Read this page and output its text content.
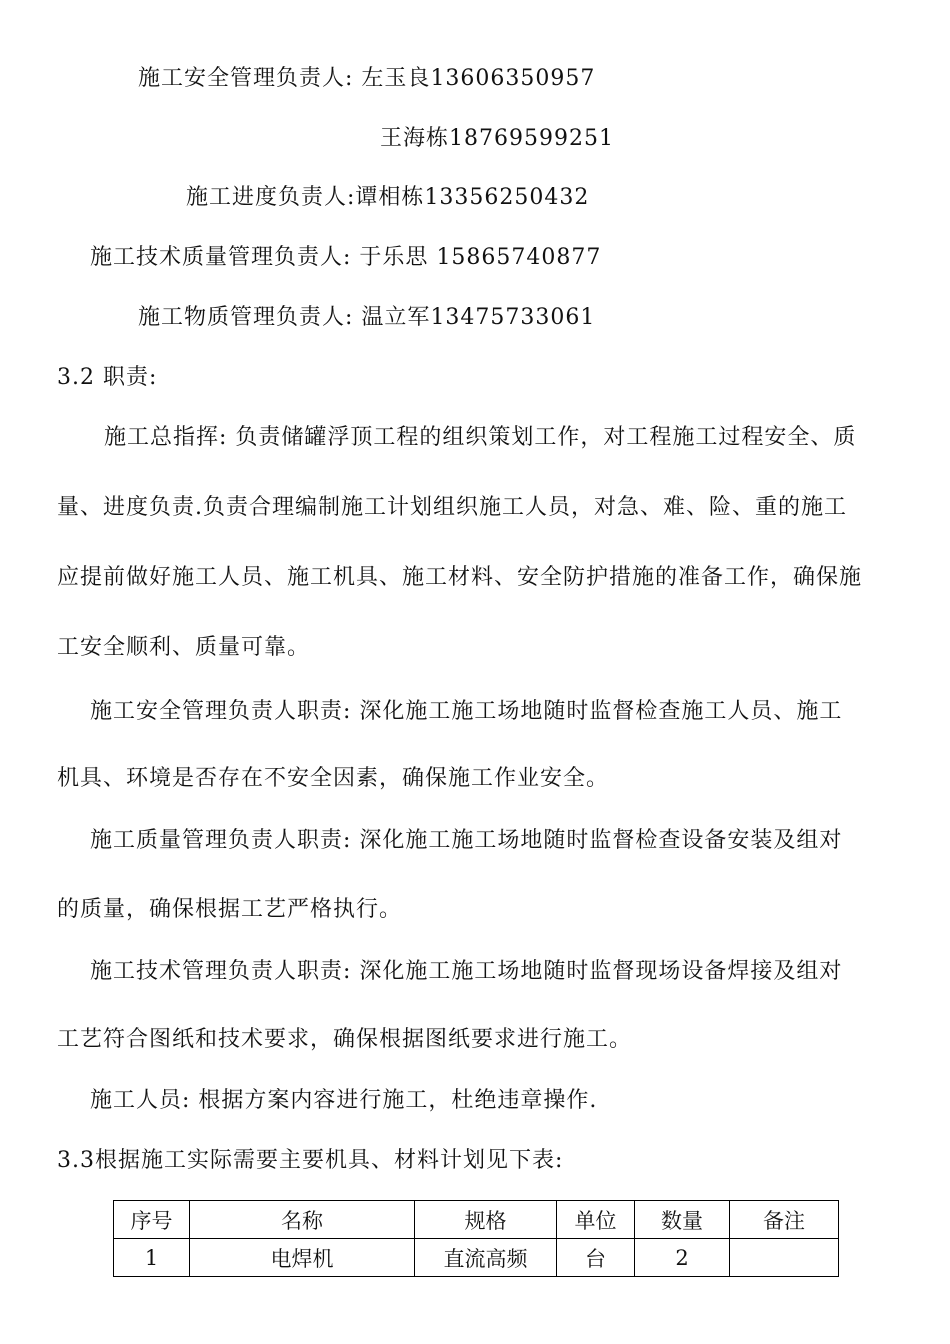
施工安全管理负责人: 左玉良13606350957
王海栋18769599251
施工进度负责人:谭相栋13356250432
施工技术质量管理负责人: 于乐思 15865740877
施工物质管理负责人: 温立军13475733061
3.2 职责:
施工总指挥: 负责储罐浮顶工程的组织策划工作，对工程施工过程安全、质
量、进度负责.负责合理编制施工计划组织施工人员，对急、难、险、重的施工
应提前做好施工人员、施工机具、施工材料、安全防护措施的准备工作，确保施
工安全顺利、质量可靠。
施工安全管理负责人职责: 深化施工施工场地随时监督检查施工人员、施工
机具、环境是否存在不安全因素，确保施工作业安全。
施工质量管理负责人职责: 深化施工施工场地随时监督检查设备安装及组对
的质量，确保根据工艺严格执行。
施工技术管理负责人职责: 深化施工施工场地随时监督现场设备焊接及组对
工艺符合图纸和技术要求，确保根据图纸要求进行施工。
施工人员: 根据方案内容进行施工，杜绝违章操作.
3.3根据施工实际需要主要机具、材料计划见下表:
序号	名称	规格	单位	数量	备注
1	电焊机	直流高频	台	2	
